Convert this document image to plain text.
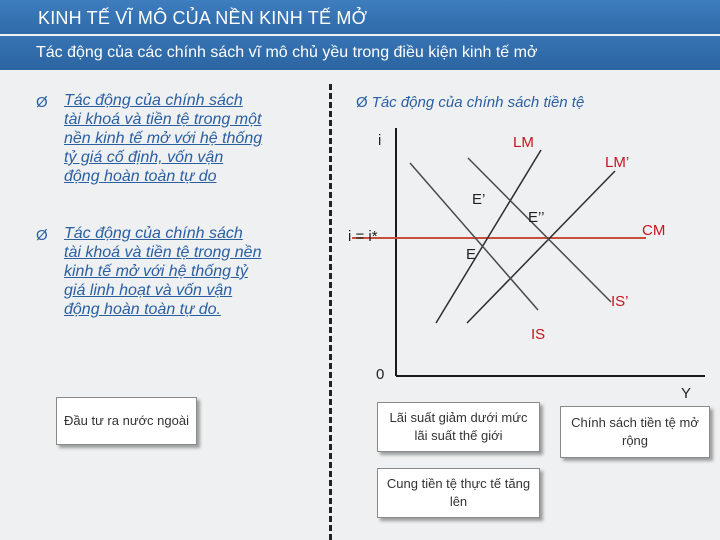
KINH TẾ VĨ MÔ CỦA NỀN KINH TẾ MỞ
Tác động của các chính sách vĩ mô chủ yều trong điều kiện kinh tế mở
Ø Tác động của chính sách
tài khoá và tiền tệ trong một
nền kinh tế mở với hệ thống
tỷ giá cố định, vốn vận
động hoàn toàn tự do
Ø Tác động của chính sách
tài khoá và tiền tệ trong nền
kinh tế mở với hệ thống tỷ
giá linh hoạt và vốn vận
động hoàn toàn tự do.
Đầu tư ra nước ngoài
Ø Tác động của chính sách tiền tệ
i
Y
0
i = i*
LM
LM’
CM
IS
IS’
E
E’
E’’
Lãi suất giảm dưới mức lãi suất thế giới
Chính sách tiền tệ mở rộng
Cung tiền tệ thực tế tăng lên
